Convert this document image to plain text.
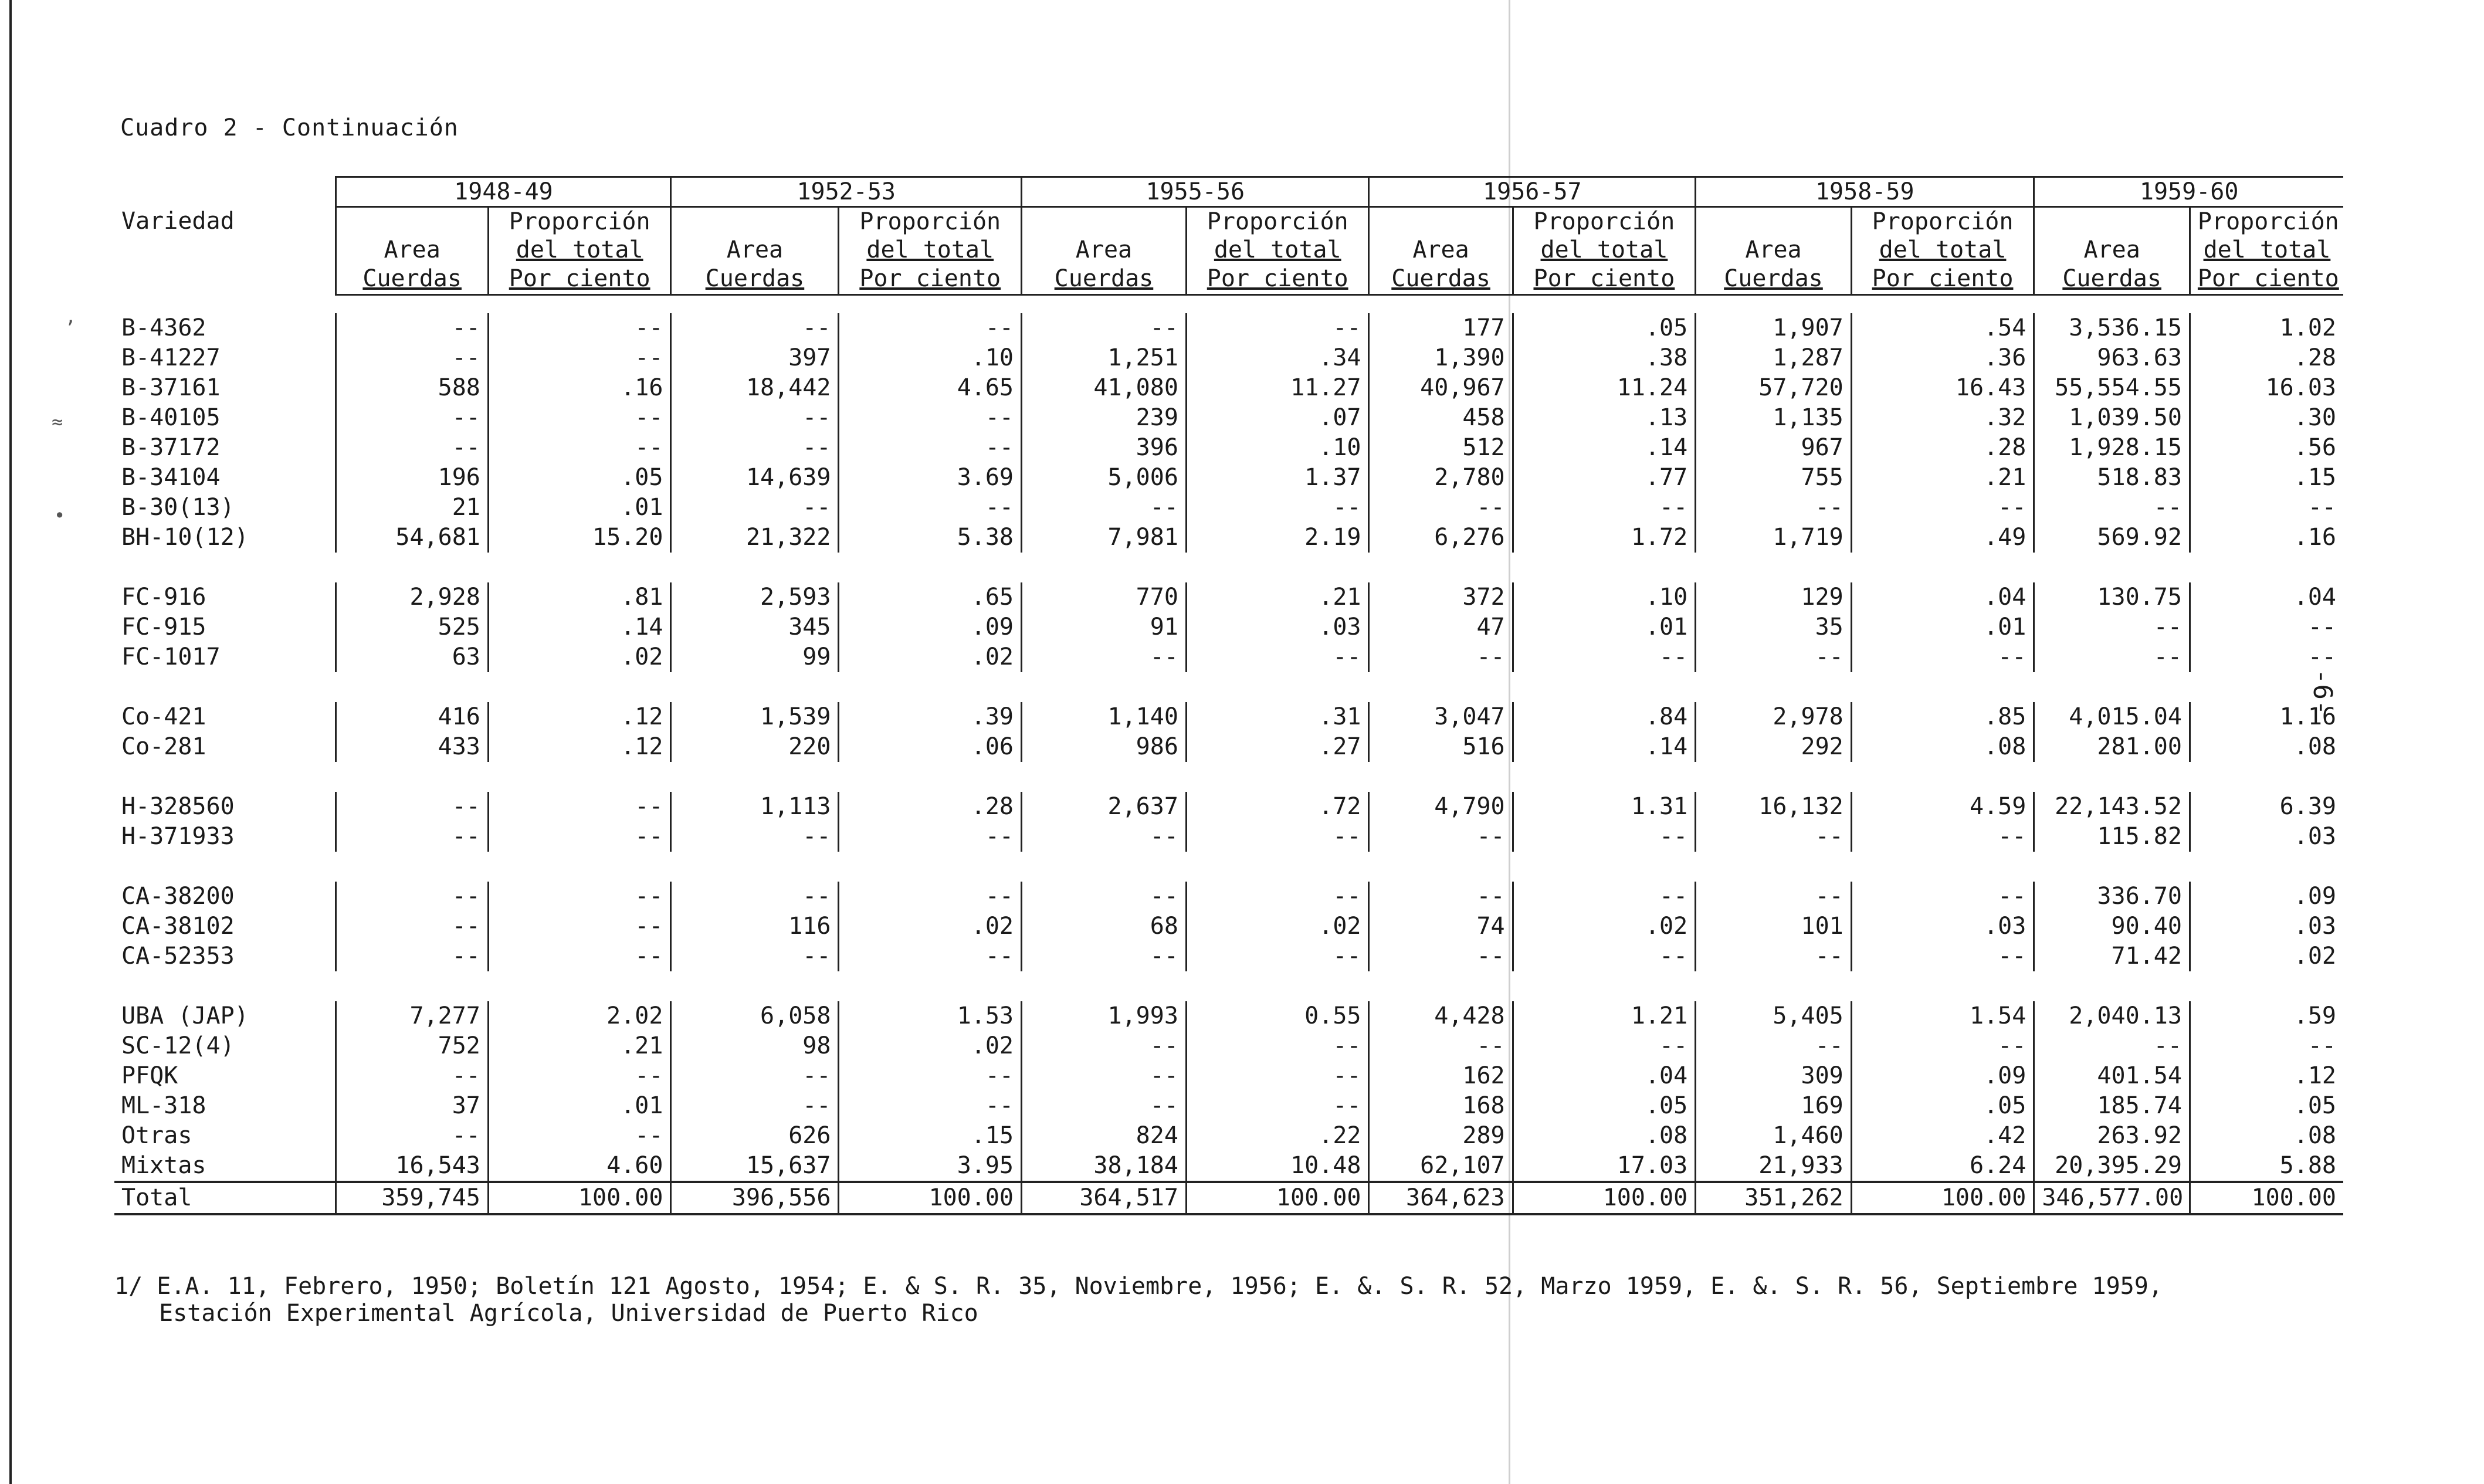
’
≈
•
Cuadro 2 - Continuación
-6-
	1948-49		1952-53		1955-56		1956-57		1958-59		1959-60	
Variedad	Area	Proporción	Area	Proporción	Area	Proporción	Area	Proporción	Area	Proporción	Area	Proporción
		del total		del total		del total		del total		del total		del total
	Cuerdas	Por ciento	Cuerdas	Por ciento	Cuerdas	Por ciento	Cuerdas	Por ciento	Cuerdas	Por ciento	Cuerdas	Por ciento

B-4362	--	--	--	--	--	--	177	.05	1,907	.54	3,536.15	1.02
B-41227	--	--	397	.10	1,251	.34	1,390	.38	1,287	.36	963.63	.28
B-37161	588	.16	18,442	4.65	41,080	11.27	40,967	11.24	57,720	16.43	55,554.55	16.03
B-40105	--	--	--	--	239	.07	458	.13	1,135	.32	1,039.50	.30
B-37172	--	--	--	--	396	.10	512	.14	967	.28	1,928.15	.56
B-34104	196	.05	14,639	3.69	5,006	1.37	2,780	.77	755	.21	518.83	.15
B-30(13)	21	.01	--	--	--	--	--	--	--	--	--	--
BH-10(12)	54,681	15.20	21,322	5.38	7,981	2.19	6,276	1.72	1,719	.49	569.92	.16

FC-916	2,928	.81	2,593	.65	770	.21	372	.10	129	.04	130.75	.04
FC-915	525	.14	345	.09	91	.03	47	.01	35	.01	--	--
FC-1017	63	.02	99	.02	--	--	--	--	--	--	--	--

Co-421	416	.12	1,539	.39	1,140	.31	3,047	.84	2,978	.85	4,015.04	1.16
Co-281	433	.12	220	.06	986	.27	516	.14	292	.08	281.00	.08

H-328560	--	--	1,113	.28	2,637	.72	4,790	1.31	16,132	4.59	22,143.52	6.39
H-371933	--	--	--	--	--	--	--	--	--	--	115.82	.03

CA-38200	--	--	--	--	--	--	--	--	--	--	336.70	.09
CA-38102	--	--	116	.02	68	.02	74	.02	101	.03	90.40	.03
CA-52353	--	--	--	--	--	--	--	--	--	--	71.42	.02

UBA (JAP)	7,277	2.02	6,058	1.53	1,993	0.55	4,428	1.21	5,405	1.54	2,040.13	.59
SC-12(4)	752	.21	98	.02	--	--	--	--	--	--	--	--
PFQK	--	--	--	--	--	--	162	.04	309	.09	401.54	.12
ML-318	37	.01	--	--	--	--	168	.05	169	.05	185.74	.05
Otras	--	--	626	.15	824	.22	289	.08	1,460	.42	263.92	.08
Mixtas	16,543	4.60	15,637	3.95	38,184	10.48	62,107	17.03	21,933	6.24	20,395.29	5.88
Total	359,745	100.00	396,556	100.00	364,517	100.00	364,623	100.00	351,262	100.00	346,577.00	100.00
1/ E.A. 11, Febrero, 1950; Boletín 121 Agosto, 1954; E. & S. R. 35, Noviembre, 1956; E. &. S. R. 52, Marzo 1959, E. &. S. R. 56, Septiembre 1959,
Estación Experimental Agrícola, Universidad de Puerto Rico
